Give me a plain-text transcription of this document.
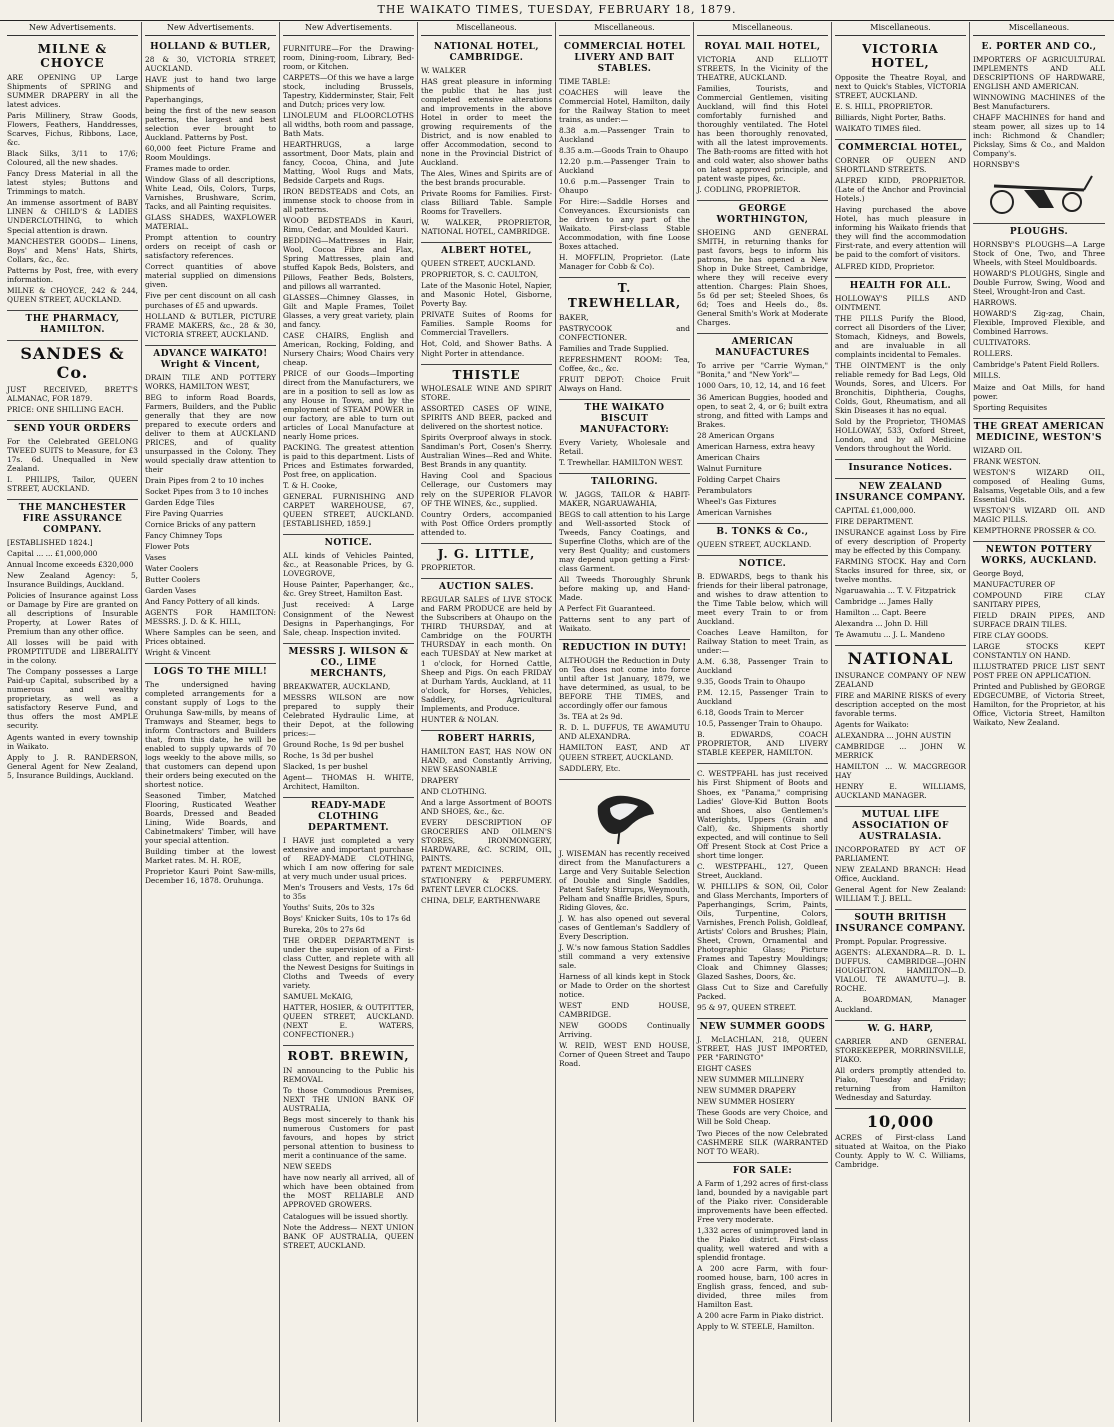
THE WAIKATO TIMES, TUESDAY, FEBRUARY 18, 1879.
New Advertisements.
MILNE & CHOYCE

ARE OPENING UP Large Shipments of SPRING and SUMMER DRAPERY in all the latest advices.

Paris Millinery, Straw Goods, Flowers, Feathers, Handdresses, Scarves, Fichus, Ribbons, Lace, &c.

Black Silks, 3/11 to 17/6; Coloured, all the new shades.

Fancy Dress Material in all the latest styles; Buttons and Trimmings to match.

An immense assortment of BABY LINEN & CHILD'S & LADIES UNDERCLOTHING, to which Special attention is drawn.

MANCHESTER GOODS— Linens, Boys' and Mens' Hats, Shirts, Collars, &c., &c.

Patterns by Post, free, with every information.

MILNE & CHOYCE, 242 & 244, QUEEN STREET, AUCKLAND.

THE PHARMACY, HAMILTON.
SANDES & Co.

JUST RECEIVED, BRETT'S ALMANAC, FOR 1879.

PRICE: ONE SHILLING EACH.

SEND YOUR ORDERS

For the Celebrated GEELONG TWEED SUITS to Measure, for £3 17s. 6d. Unequalled in New Zealand.

I. PHILIPS, Tailor, QUEEN STREET, AUCKLAND.

THE MANCHESTER FIRE ASSURANCE COMPANY.

[ESTABLISHED 1824.]

Capital ... ... £1,000,000

Annual Income exceeds £320,000

New Zealand Agency: 5, Insurance Buildings, Auckland.

Policies of Insurance against Loss or Damage by Fire are granted on all descriptions of Insurable Property, at Lower Rates of Premium than any other office.

All losses will be paid with PROMPTITUDE and LIBERALITY in the colony.

The Company possesses a Large Paid-up Capital, subscribed by a numerous and wealthy proprietary, as well as a satisfactory Reserve Fund, and thus offers the most AMPLE security.

Agents wanted in every township in Waikato.

Apply to J. R. RANDERSON, General Agent for New Zealand, 5, Insurance Buildings, Auckland.

New Advertisements.
HOLLAND & BUTLER,

28 & 30, VICTORIA STREET, AUCKLAND.

HAVE just to hand two large Shipments of

Paperhangings,

being the first of the new season patterns, the largest and best selection ever brought to Auckland. Patterns by Post.

60,000 feet Picture Frame and Room Mouldings.

Frames made to order.

Window Glass of all descriptions, White Lead, Oils, Colors, Turps, Varnishes, Brushware, Scrim, Tacks, and all Painting requisites.

GLASS SHADES, WAXFLOWER MATERIAL.

Prompt attention to country orders on receipt of cash or satisfactory references.

Correct quantities of above material supplied on dimensions given.

Five per cent discount on all cash purchases of £5 and upwards.

HOLLAND & BUTLER, PICTURE FRAME MAKERS, &c., 28 & 30, VICTORIA STREET, AUCKLAND.

ADVANCE WAIKATO! Wright & Vincent,

DRAIN TILE AND POTTERY WORKS, HAMILTON WEST,

BEG to inform Road Boards, Farmers, Builders, and the Public generally that they are now prepared to execute orders and deliver to them at AUCKLAND PRICES, and of quality unsurpassed in the Colony. They would specially draw attention to their

Drain Pipes from 2 to 10 inches

Socket Pipes from 3 to 10 inches

Garden Edge Tiles

Fire Paving Quarries

Cornice Bricks of any pattern

Fancy Chimney Tops

Flower Pots

Vases

Water Coolers

Butter Coolers

Garden Vases

And Fancy Pottery of all kinds.

AGENTS FOR HAMILTON: MESSRS. J. D. & K. HILL,

Where Samples can be seen, and Prices obtained.

Wright & Vincent

LOGS TO THE MILL!

The undersigned having completed arrangements for a constant supply of Logs to the Oruhunga Saw-mills, by means of Tramways and Steamer, begs to inform Contractors and Builders that, from this date, he will be enabled to supply upwards of 70 logs weekly to the above mills, so that customers can depend upon their orders being executed on the shortest notice.

Seasoned Timber, Matched Flooring, Rusticated Weather Boards, Dressed and Beaded Lining, Wide Boards, and Cabinetmakers' Timber, will have your special attention.

Building timber at the lowest Market rates. M. H. ROE,

Proprietor Kauri Point Saw-mills, December 16, 1878. Oruhunga.

New Advertisements.

FURNITURE—For the Drawing-room, Dining-room, Library, Bed-room, or Kitchen.

CARPETS—Of this we have a large stock, including Brussels, Tapestry, Kidderminster, Stair, Felt and Dutch; prices very low.

LINOLEUM and FLOORCLOTHS all widths, both room and passage, Bath Mats.

HEARTHRUGS, a large assortment, Door Mats, plain and fancy, Cocoa, China, and Jute Matting, Wool Rugs and Mats, Bedside Carpets and Rugs.

IRON BEDSTEADS and Cots, an immense stock to choose from in all patterns.

WOOD BEDSTEADS in Kauri, Rimu, Cedar, and Moulded Kauri.

BEDDING—Mattresses in Hair, Wool, Cocoa Fibre and Flax, Spring Mattresses, plain and stuffed Kapok Beds, Bolsters, and Pillows, Feather Beds, Bolsters, and pillows all warranted.

GLASSES—Chimney Glasses, in Gilt and Maple Frames, Toilet Glasses, a very great variety, plain and fancy.

CASE CHAIRS, English and American, Rocking, Folding, and Nursery Chairs; Wood Chairs very cheap.

PRICE of our Goods—Importing direct from the Manufacturers, we are in a position to sell as low as any House in Town, and by the employment of STEAM POWER in our factory, are able to turn out articles of Local Manufacture at nearly Home prices.

PACKING. The greatest attention is paid to this department. Lists of Prices and Estimates forwarded, Post free, on application.

T. & H. Cooke,

GENERAL FURNISHING AND CARPET WAREHOUSE, 67, QUEEN STREET, AUCKLAND. [ESTABLISHED, 1859.]

NOTICE.

ALL kinds of Vehicles Painted, &c., at Reasonable Prices, by G. LOVEGROVE,

House Painter, Paperhanger, &c., &c. Grey Street, Hamilton East.

Just received: A Large Consignment of the Newest Designs in Paperhangings, For Sale, cheap. Inspection invited.

MESSRS J. WILSON & CO., LIME MERCHANTS,

BREAKWATER, AUCKLAND,

MESSRS WILSON are now prepared to supply their Celebrated Hydraulic Lime, at their Depot, at the following prices:—

Ground Roche, 1s 9d per bushel

Roche, 1s 3d per bushel

Slacked, 1s per bushel

Agent— THOMAS H. WHITE, Architect, Hamilton.

READY-MADE CLOTHING DEPARTMENT.

I HAVE just completed a very extensive and important purchase of READY-MADE CLOTHING, which I am now offering for sale at very much under usual prices.

Men's Trousers and Vests, 17s 6d to 35s

Youths' Suits, 20s to 32s

Boys' Knicker Suits, 10s to 17s 6d

Bureka, 20s to 27s 6d

THE ORDER DEPARTMENT is under the supervision of a First-class Cutter, and replete with all the Newest Designs for Suitings in Cloths and Tweeds of every variety.

SAMUEL McKAIG,

HATTER, HOSIER, & OUTFITTER, QUEEN STREET, AUCKLAND. (NEXT E. WATERS, CONFECTIONER.)

ROBT. BREWIN,

IN announcing to the Public his REMOVAL

To those Commodious Premises, NEXT THE UNION BANK OF AUSTRALIA,

Begs most sincerely to thank his numerous Customers for past favours, and hopes by strict personal attention to business to merit a continuance of the same.

NEW SEEDS

have now nearly all arrived, all of which have been obtained from the MOST RELIABLE AND APPROVED GROWERS.

Catalogues will be issued shortly.

Note the Address— NEXT UNION BANK OF AUSTRALIA, QUEEN STREET, AUCKLAND.

Miscellaneous.
NATIONAL HOTEL, CAMBRIDGE.

W. WALKER

HAS great pleasure in informing the public that he has just completed extensive alterations and improvements in the above Hotel in order to meet the growing requirements of the District, and is now enabled to offer Accommodation, second to none in the Provincial District of Auckland.

The Ales, Wines and Spirits are of the best brands procurable.

Private Rooms for Families. First-class Billiard Table. Sample Rooms for Travellers.

W. WALKER, PROPRIETOR, NATIONAL HOTEL, CAMBRIDGE.

ALBERT HOTEL,

QUEEN STREET, AUCKLAND.

PROPRIETOR, S. C. CAULTON,

Late of the Masonic Hotel, Napier, and Masonic Hotel, Gisborne, Poverty Bay.

PRIVATE Suites of Rooms for Families. Sample Rooms for Commercial Travellers.

Hot, Cold, and Shower Baths. A Night Porter in attendance.

THISTLE

WHOLESALE WINE AND SPIRIT STORE.

ASSORTED CASES OF WINE, SPIRITS AND BEER, packed and delivered on the shortest notice.

Spirits Overproof always in stock. Sandiman's Port, Cosen's Sherry. Australian Wines—Red and White. Best Brands in any quantity.

Having Cool and Spacious Cellerage, our Customers may rely on the SUPERIOR FLAVOR OF THE WINES, &c., supplied.

Country Orders, accompanied with Post Office Orders promptly attended to.

J. G. LITTLE,

PROPRIETOR.

AUCTION SALES.

REGULAR SALES of LIVE STOCK and FARM PRODUCE are held by the Subscribers at Ohaupo on the THIRD THURSDAY, and at Cambridge on the FOURTH THURSDAY in each month. On each TUESDAY at New market at 1 o'clock, for Horned Cattle, Sheep and Pigs. On each FRIDAY at Durham Yards, Auckland, at 11 o'clock, for Horses, Vehicles, Saddlery, Agricultural Implements, and Produce.

HUNTER & NOLAN.

ROBERT HARRIS,

HAMILTON EAST, HAS NOW ON HAND, and Constantly Arriving, NEW SEASONABLE

DRAPERY

AND CLOTHING.

And a large Assortment of BOOTS AND SHOES, &c., &c.

EVERY DESCRIPTION OF GROCERIES AND OILMEN'S STORES, IRONMONGERY, HARDWARE, &C. SCRIM, OIL, PAINTS.

PATENT MEDICINES.

STATIONERY & PERFUMERY. PATENT LEVER CLOCKS.

CHINA, DELF, EARTHENWARE

Miscellaneous.
COMMERCIAL HOTEL LIVERY AND BAIT STABLES.

TIME TABLE:

COACHES will leave the Commercial Hotel, Hamilton, daily for the Railway Station to meet trains, as under:—

8.38 a.m.—Passenger Train to Auckland

8.35 a.m.—Goods Train to Ohaupo

12.20 p.m.—Passenger Train to Auckland

10.6 p.m.—Passenger Train to Ohaupo

For Hire:—Saddle Horses and Conveyances. Excursionists can be driven to any part of the Waikato. First-class Stable Accommodation, with fine Loose Boxes attached.

H. MOFFLIN, Proprietor. (Late Manager for Cobb & Co).

T. TREWHELLAR,

BAKER,

PASTRYCOOK and CONFECTIONER.

Families and Trade Supplied.

REFRESHMENT ROOM: Tea, Coffee, &c., &c.

FRUIT DEPOT: Choice Fruit Always on Hand.

THE WAIKATO BISCUIT MANUFACTORY:

Every Variety, Wholesale and Retail.

T. Trewhellar. HAMILTON WEST.

TAILORING.

W. JAGGS, TAILOR & HABIT-MAKER, NGARUAWAHIA,

BEGS to call attention to his Large and Well-assorted Stock of Tweeds, Fancy Coatings, and Superfine Cloths, which are of the very Best Quality; and customers may depend upon getting a First-class Garment.

All Tweeds Thoroughly Shrunk before making up, and Hand-Made.

A Perfect Fit Guaranteed.

Patterns sent to any part of Waikato.

REDUCTION IN DUTY!

ALTHOUGH the Reduction in Duty on Tea does not come into force until after 1st January, 1879, we have determined, as usual, to be BEFORE THE TIMES, and accordingly offer our famous

3s. TEA at 2s 9d.

R. D. L. DUFFUS, TE AWAMUTU AND ALEXANDRA.

HAMILTON EAST, AND AT QUEEN STREET, AUCKLAND.

SADDLERY, Etc.

J. WISEMAN has recently received direct from the Manufacturers a Large and Very Suitable Selection of Double and Single Saddles, Patent Safety Stirrups, Weymouth, Pelham and Snaffle Bridles, Spurs, Riding Gloves, &c.

J. W. has also opened out several cases of Gentleman's Saddlery of Every Description.

J. W.'s now famous Station Saddles still command a very extensive sale.

Harness of all kinds kept in Stock or Made to Order on the shortest notice.

WEST END HOUSE, CAMBRIDGE.

NEW GOODS Continually Arriving.

W. REID, WEST END HOUSE, Corner of Queen Street and Taupo Road.

Miscellaneous.
ROYAL MAIL HOTEL,

VICTORIA AND ELLIOTT STREETS, In the Vicinity of the THEATRE, AUCKLAND.

Families, Tourists, and Commercial Gentlemen, visiting Auckland, will find this Hotel comfortably furnished and thoroughly ventilated. The Hotel has been thoroughly renovated, with all the latest improvements. The Bath-rooms are fitted with hot and cold water, also shower baths on latest approved principle, and patent waste pipes, &c.

J. CODLING, PROPRIETOR.

GEORGE WORTHINGTON,

SHOEING AND GENERAL SMITH, in returning thanks for past favors, begs to inform his patrons, he has opened a New Shop in Duke Street, Cambridge, where they will receive every attention. Charges: Plain Shoes, 5s 6d per set; Steeled Shoes, 6s 6d; Toes and Heels do., 8s. General Smith's Work at Moderate Charges.

AMERICAN MANUFACTURES

To arrive per "Carrie Wyman," "Bonita," and "New York"—

1000 Oars, 10, 12, 14, and 16 feet

36 American Buggies, hooded and open, to seat 2, 4, or 6; built extra strong, and fitted with Lamps and Brakes.

28 American Organs

American Harness, extra heavy

American Chairs

Walnut Furniture

Folding Carpet Chairs

Perambulators

Wheel's Gas Fixtures

American Varnishes

B. TONKS & Co.,

QUEEN STREET, AUCKLAND.

NOTICE.

B. EDWARDS, begs to thank his friends for their liberal patronage, and wishes to draw attention to the Time Table below, which will meet every Train to or from Auckland.

Coaches Leave Hamilton, for Railway Station to meet Train, as under:—

A.M. 6.38, Passenger Train to Auckland

9.35, Goods Train to Ohaupo

P.M. 12.15, Passenger Train to Auckland

6.18, Goods Train to Mercer

10.5, Passenger Train to Ohaupo.

B. EDWARDS, COACH PROPRIETOR, AND LIVERY STABLE KEEPER, HAMILTON.

C. WESTPFAHL has just received his First Shipment of Boots and Shoes, ex "Panama," comprising Ladies' Glove-Kid Button Boots and Shoes, also Gentlemen's Waterights, Uppers (Grain and Calf), &c. Shipments shortly expected, and will continue to Sell Off Present Stock at Cost Price a short time longer.

C. WESTPFAHL, 127, Queen Street, Auckland.

W. PHILLIPS & SON, Oil, Color and Glass Merchants, Importers of Paperhangings, Scrim, Paints, Oils, Turpentine, Colors, Varnishes, French Polish, Goldleaf, Artists' Colors and Brushes; Plain, Sheet, Crown, Ornamental and Photographic Glass; Picture Frames and Tapestry Mouldings; Cloak and Chimney Glasses; Glazed Sashes, Doors, &c.

Glass Cut to Size and Carefully Packed.

95 & 97, QUEEN STREET.

NEW SUMMER GOODS

J. McLACHLAN, 218, QUEEN STREET, HAS JUST IMPORTED, PER "FARINGTO"

EIGHT CASES

NEW SUMMER MILLINERY

NEW SUMMER DRAPERY

NEW SUMMER HOSIERY

These Goods are very Choice, and Will be Sold Cheap.

Two Pieces of the now Celebrated CASHMERE SILK (WARRANTED NOT TO WEAR).

FOR SALE:

A Farm of 1,292 acres of first-class land, bounded by a navigable part of the Piako river. Considerable improvements have been effected. Free very moderate.

1,332 acres of unimproved land in the Piako district. First-class quality, well watered and with a splendid frontage.

A 200 acre Farm, with four-roomed house, barn, 100 acres in English grass, fenced, and sub-divided, three miles from Hamilton East.

A 200 acre Farm in Piako district.

Apply to W. STEELE, Hamilton.

Miscellaneous.
VICTORIA HOTEL,

Opposite the Theatre Royal, and next to Quick's Stables, VICTORIA STREET, AUCKLAND.

E. S. HILL, PROPRIETOR.

Billiards, Night Porter, Baths.

WAIKATO TIMES filed.

COMMERCIAL HOTEL,

CORNER OF QUEEN AND SHORTLAND STREETS.

ALFRED KIDD, PROPRIETOR. (Late of the Anchor and Provincial Hotels.)

Having purchased the above Hotel, has much pleasure in informing his Waikato friends that they will find the accommodation First-rate, and every attention will be paid to the comfort of visitors.

ALFRED KIDD, Proprietor.

HEALTH FOR ALL.

HOLLOWAY'S PILLS AND OINTMENT.

THE PILLS Purify the Blood, correct all Disorders of the Liver, Stomach, Kidneys, and Bowels, and are invaluable in all complaints incidental to Females.

THE OINTMENT is the only reliable remedy for Bad Legs, Old Wounds, Sores, and Ulcers. For Bronchitis, Diphtheria, Coughs, Colds, Gout, Rheumatism, and all Skin Diseases it has no equal.

Sold by the Proprietor, THOMAS HOLLOWAY, 533, Oxford Street, London, and by all Medicine Vendors throughout the World.

Insurance Notices.
NEW ZEALAND INSURANCE COMPANY.

CAPITAL £1,000,000.

FIRE DEPARTMENT.

INSURANCE against Loss by Fire of every description of Property may be effected by this Company.

FARMING STOCK. Hay and Corn Stacks insured for three, six, or twelve months.

Ngaruawahia ... T. V. Fitzpatrick

Cambridge ... James Hally

Hamilton ... Capt. Beere

Alexandra ... John D. Hill

Te Awamutu ... J. L. Mandeno

NATIONAL

INSURANCE COMPANY OF NEW ZEALAND

FIRE and MARINE RISKS of every description accepted on the most favorable terms.

Agents for Waikato:

ALEXANDRA ... JOHN AUSTIN

CAMBRIDGE ... JOHN W. MERRICK

HAMILTON ... W. MACGREGOR HAY

HENRY E. WILLIAMS, AUCKLAND MANAGER.

MUTUAL LIFE ASSOCIATION OF AUSTRALASIA.

INCORPORATED BY ACT OF PARLIAMENT.

NEW ZEALAND BRANCH: Head Office, Auckland.

General Agent for New Zealand: WILLIAM T. J. BELL.

SOUTH BRITISH INSURANCE COMPANY.

Prompt. Popular. Progressive.

AGENTS: ALEXANDRA—R. D. L. DUFFUS. CAMBRIDGE—JOHN HOUGHTON. HAMILTON—D. VIALOU. TE AWAMUTU—J. B. ROCHE.

A. BOARDMAN, Manager Auckland.

W. G. HARP,

CARRIER AND GENERAL STOREKEEPER, MORRINSVILLE, PIAKO.

All orders promptly attended to. Piako, Tuesday and Friday; returning from Hamilton Wednesday and Saturday.

10,000

ACRES of First-class Land situated at Waitoa, on the Piako County. Apply to W. C. Williams, Cambridge.

Miscellaneous.
E. PORTER AND CO.,

IMPORTERS OF AGRICULTURAL IMPLEMENTS AND ALL DESCRIPTIONS OF HARDWARE, ENGLISH AND AMERICAN.

WINNOWING MACHINES of the Best Manufacturers.

CHAFF MACHINES for hand and steam power, all sizes up to 14 inch: Richmond & Chandler; Pickslay, Sims & Co., and Maldon Company's.

HORNSBY'S

PLOUGHS.

HORNSBY'S PLOUGHS—A Large Stock of One, Two, and Three Wheels, with Steel Mouldboards.

HOWARD'S PLOUGHS, Single and Double Furrow, Swing, Wood and Steel, Wrought-Iron and Cast.

HARROWS.

HOWARD'S Zig-zag, Chain, Flexible, Improved Flexible, and Combined Harrows.

CULTIVATORS.

ROLLERS.

Cambridge's Patent Field Rollers.

MILLS.

Maize and Oat Mills, for hand power.

Sporting Requisites

THE GREAT AMERICAN MEDICINE, WESTON'S

WIZARD OIL

FRANK WESTON.

WESTON'S WIZARD OIL, composed of Healing Gums, Balsams, Vegetable Oils, and a few Essential Oils.

WESTON'S WIZARD OIL AND MAGIC PILLS.

KEMPTHORNE PROSSER & CO.

NEWTON POTTERY WORKS, AUCKLAND.

George Boyd,

MANUFACTURER OF

COMPOUND FIRE CLAY SANITARY PIPES,

FIELD DRAIN PIPES, AND SURFACE DRAIN TILES.

FIRE CLAY GOODS.

LARGE STOCKS KEPT CONSTANTLY ON HAND.

ILLUSTRATED PRICE LIST SENT POST FREE ON APPLICATION.

Printed and Published by GEORGE EDGECUMBE, of Victoria Street, Hamilton, for the Proprietor, at his Office, Victoria Street, Hamilton Waikato, New Zealand.
